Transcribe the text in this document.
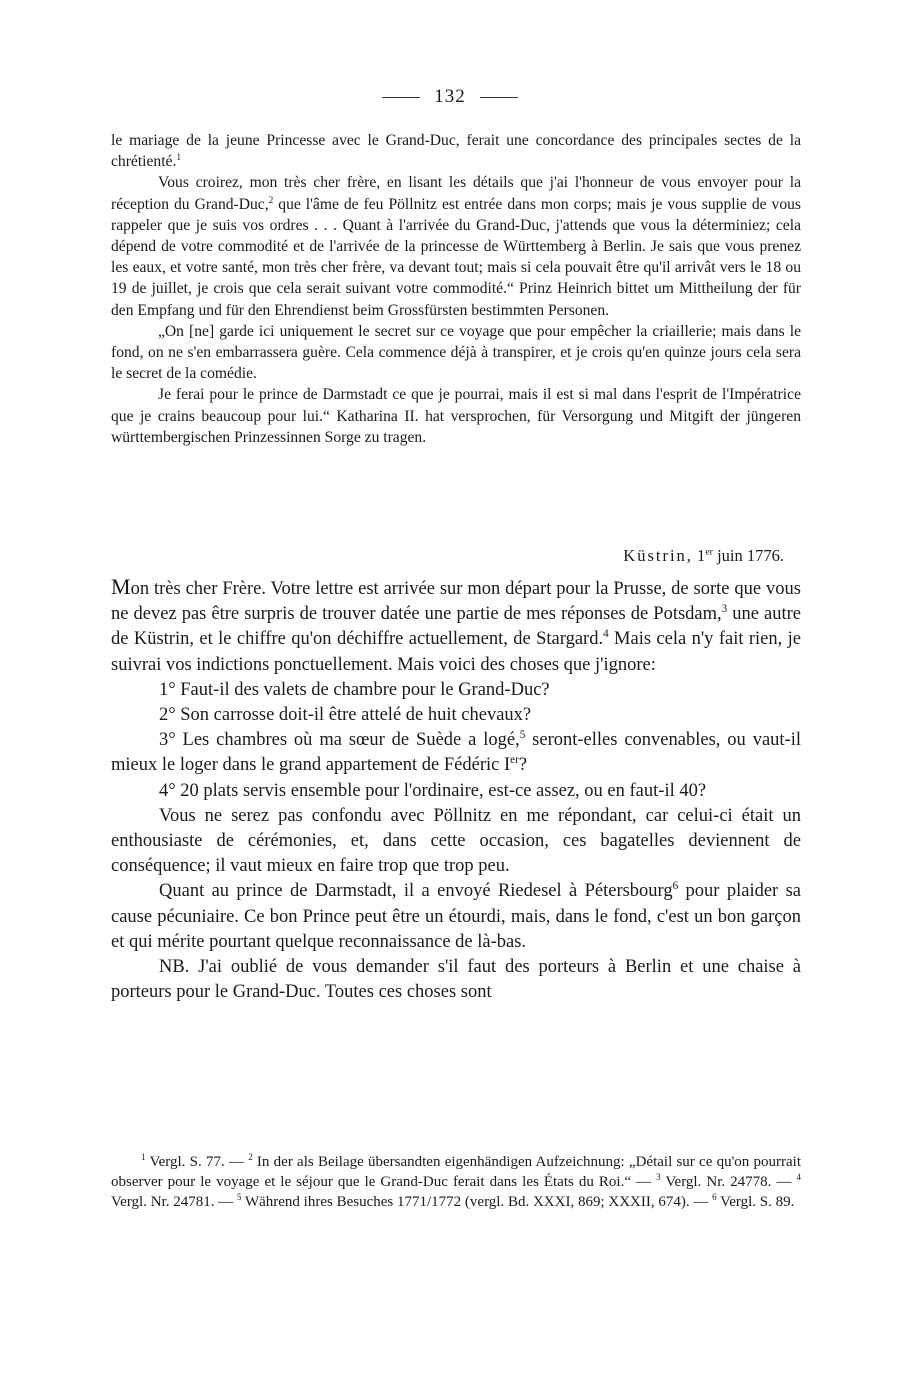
132

le mariage de la jeune Princesse avec le Grand-Duc, ferait une concordance des principales sectes de la chrétienté.$^1$

Vous croirez, mon très cher frère, en lisant les détails que j'ai l'honneur de vous envoyer pour la réception du Grand-Duc,$^2$ que l'âme de feu Pöllnitz est entrée dans mon corps; mais je vous supplie de vous rappeler que je suis vos ordres . . . Quant à l'arrivée du Grand-Duc, j'attends que vous la déterminiez; cela dépend de votre commodité et de l'arrivée de la princesse de Württemberg à Berlin. Je sais que vous prenez les eaux, et votre santé, mon très cher frère, va devant tout; mais si cela pouvait être qu'il arrivât vers le 18 ou 19 de juillet, je crois que cela serait suivant votre commodité.“ Prinz Heinrich bittet um Mittheilung der für den Empfang und für den Ehrendienst beim Grossfürsten bestimmten Personen.

„On [ne] garde ici uniquement le secret sur ce voyage que pour empêcher la criaillerie; mais dans le fond, on ne s'en embarrassera guère. Cela commence déjà à transpirer, et je crois qu'en quinze jours cela sera le secret de la comédie.

Je ferai pour le prince de Darmstadt ce que je pourrai, mais il est si mal dans l'esprit de l'Impératrice que je crains beaucoup pour lui.“ Katharina II. hat versprochen, für Versorgung und Mitgift der jüngeren württembergischen Prinzessinnen Sorge zu tragen.

Küstrin, 1er juin 1776.

Mon très cher Frère. Votre lettre est arrivée sur mon départ pour la Prusse, de sorte que vous ne devez pas être surpris de trouver datée une partie de mes réponses de Potsdam,$^3$ une autre de Küstrin, et le chiffre qu'on déchiffre actuellement, de Stargard.$^4$ Mais cela n'y fait rien, je suivrai vos indictions ponctuellement. Mais voici des choses que j'ignore:

1° Faut-il des valets de chambre pour le Grand-Duc?

2° Son carrosse doit-il être attelé de huit chevaux?

3° Les chambres où ma sœur de Suède a logé,$^5$ seront-elles convenables, ou vaut-il mieux le loger dans le grand appartement de Fédéric Ier?

4° 20 plats servis ensemble pour l'ordinaire, est-ce assez, ou en faut-il 40?

Vous ne serez pas confondu avec Pöllnitz en me répondant, car celui-ci était un enthousiaste de cérémonies, et, dans cette occasion, ces bagatelles deviennent de conséquence; il vaut mieux en faire trop que trop peu.

Quant au prince de Darmstadt, il a envoyé Riedesel à Pétersbourg$^6$ pour plaider sa cause pécuniaire. Ce bon Prince peut être un étourdi, mais, dans le fond, c'est un bon garçon et qui mérite pourtant quelque reconnaissance de là-bas.

NB. J'ai oublié de vous demander s'il faut des porteurs à Berlin et une chaise à porteurs pour le Grand-Duc. Toutes ces choses sont

$^1$ Vergl. S. 77. — $^2$ In der als Beilage übersandten eigenhändigen Aufzeichnung: „Détail sur ce qu'on pourrait observer pour le voyage et le séjour que le Grand-Duc ferait dans les États du Roi.“ — $^3$ Vergl. Nr. 24778. — $^4$ Vergl. Nr. 24781. — $^5$ Während ihres Besuches 1771/1772 (vergl. Bd. XXXI, 869; XXXII, 674). — $^6$ Vergl. S. 89.
